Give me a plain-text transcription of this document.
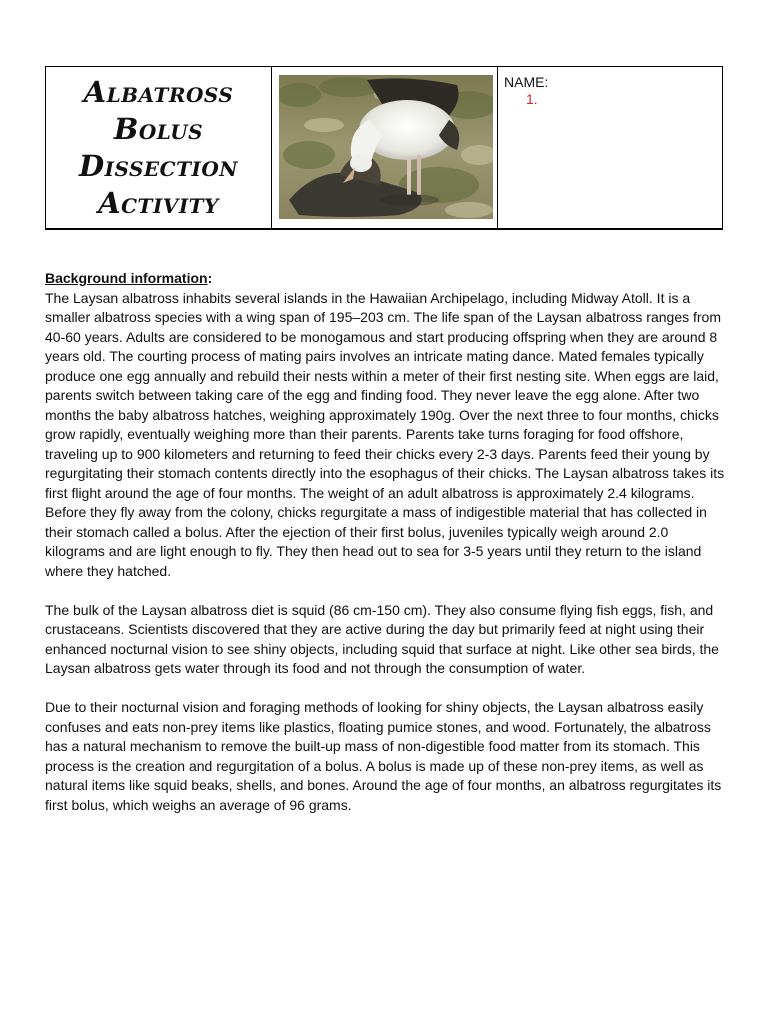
Albatross
Bolus
Dissection
Activity
NAME:
1.
Background information:

The Laysan albatross inhabits several islands in the Hawaiian Archipelago, including Midway Atoll. It is a smaller albatross species with a wing span of 195–203 cm. The life span of the Laysan albatross ranges from 40-60 years. Adults are considered to be monogamous and start producing offspring when they are around 8 years old. The courting process of mating pairs involves an intricate mating dance. Mated females typically produce one egg annually and rebuild their nests within a meter of their first nesting site. When eggs are laid, parents switch between taking care of the egg and finding food. They never leave the egg alone. After two months the baby albatross hatches, weighing approximately 190g. Over the next three to four months, chicks grow rapidly, eventually weighing more than their parents. Parents take turns foraging for food offshore, traveling up to 900 kilometers and returning to feed their chicks every 2-3 days. Parents feed their young by regurgitating their stomach contents directly into the esophagus of their chicks. The Laysan albatross takes its first flight around the age of four months. The weight of an adult albatross is approximately 2.4 kilograms. Before they fly away from the colony, chicks regurgitate a mass of indigestible material that has collected in their stomach called a bolus. After the ejection of their first bolus, juveniles typically weigh around 2.0 kilograms and are light enough to fly. They then head out to sea for 3-5 years until they return to the island where they hatched.

The bulk of the Laysan albatross diet is squid (86 cm-150 cm). They also consume flying fish eggs, fish, and crustaceans. Scientists discovered that they are active during the day but primarily feed at night using their enhanced nocturnal vision to see shiny objects, including squid that surface at night. Like other sea birds, the Laysan albatross gets water through its food and not through the consumption of water.

Due to their nocturnal vision and foraging methods of looking for shiny objects, the Laysan albatross easily confuses and eats non-prey items like plastics, floating pumice stones, and wood. Fortunately, the albatross has a natural mechanism to remove the built-up mass of non-digestible food matter from its stomach. This process is the creation and regurgitation of a bolus. A bolus is made up of these non-prey items, as well as natural items like squid beaks, shells, and bones. Around the age of four months, an albatross regurgitates its first bolus, which weighs an average of 96 grams.
